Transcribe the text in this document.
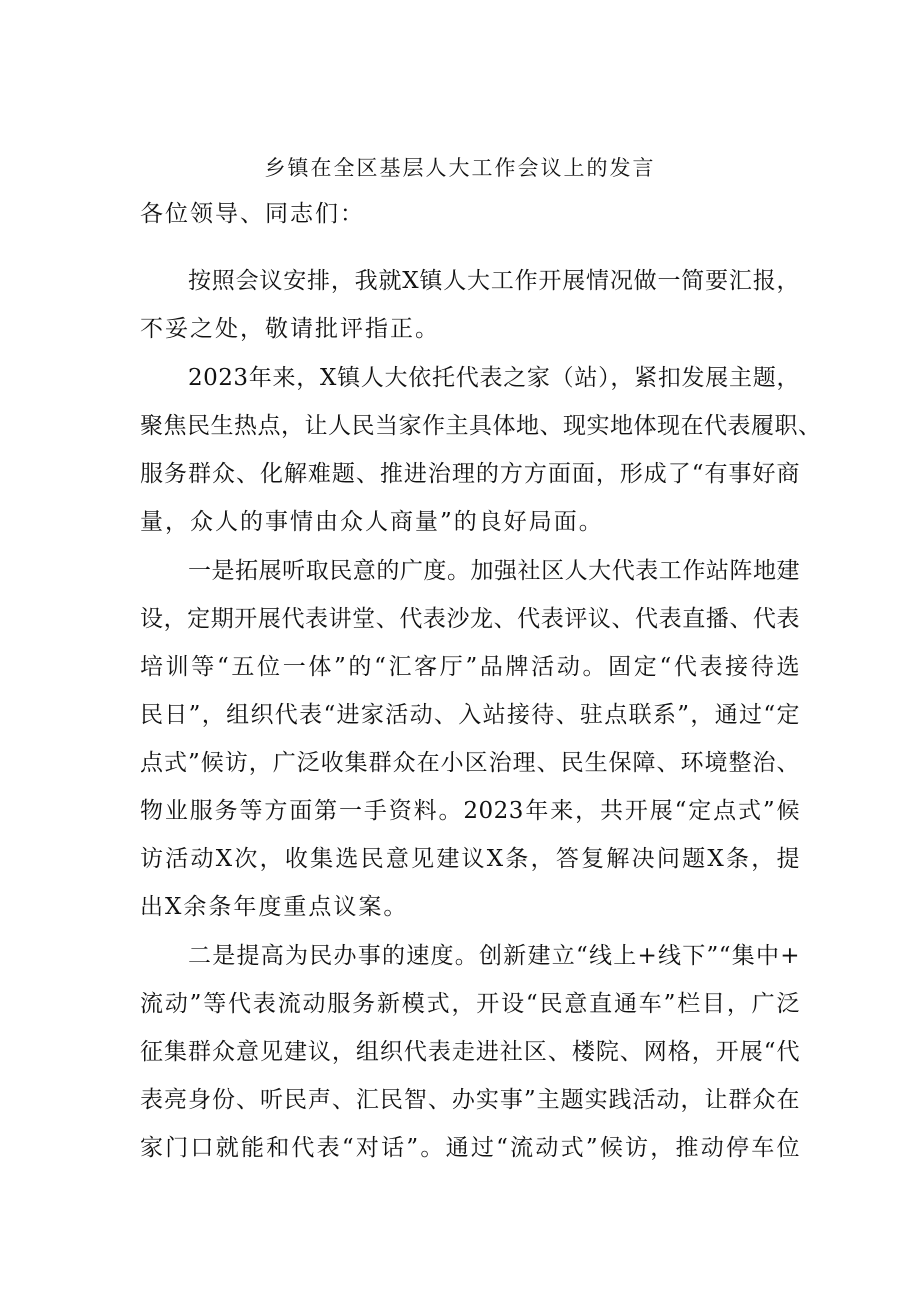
乡镇在全区基层人大工作会议上的发言
各位领导、同志们：
按照会议安排，我就X镇人大工作开展情况做一简要汇报，
不妥之处，敬请批评指正。
2023年来，X镇人大依托代表之家（站），紧扣发展主题，
聚焦民生热点，让人民当家作主具体地、现实地体现在代表履职、
服务群众、化解难题、推进治理的方方面面，形成了“有事好商
量，众人的事情由众人商量”的良好局面。
一是拓展听取民意的广度。加强社区人大代表工作站阵地建
设，定期开展代表讲堂、代表沙龙、代表评议、代表直播、代表
培训等“五位一体”的“汇客厅”品牌活动。固定“代表接待选
民日”，组织代表“进家活动、入站接待、驻点联系”，通过“定
点式”候访，广泛收集群众在小区治理、民生保障、环境整治、
物业服务等方面第一手资料。2023年来，共开展“定点式”候
访活动X次，收集选民意见建议X条，答复解决问题X条，提
出X余条年度重点议案。
二是提高为民办事的速度。创新建立“线上+线下”“集中+
流动”等代表流动服务新模式，开设“民意直通车”栏目，广泛
征集群众意见建议，组织代表走进社区、楼院、网格，开展“代
表亮身份、听民声、汇民智、办实事”主题实践活动，让群众在
家门口就能和代表“对话”。通过“流动式”候访，推动停车位
